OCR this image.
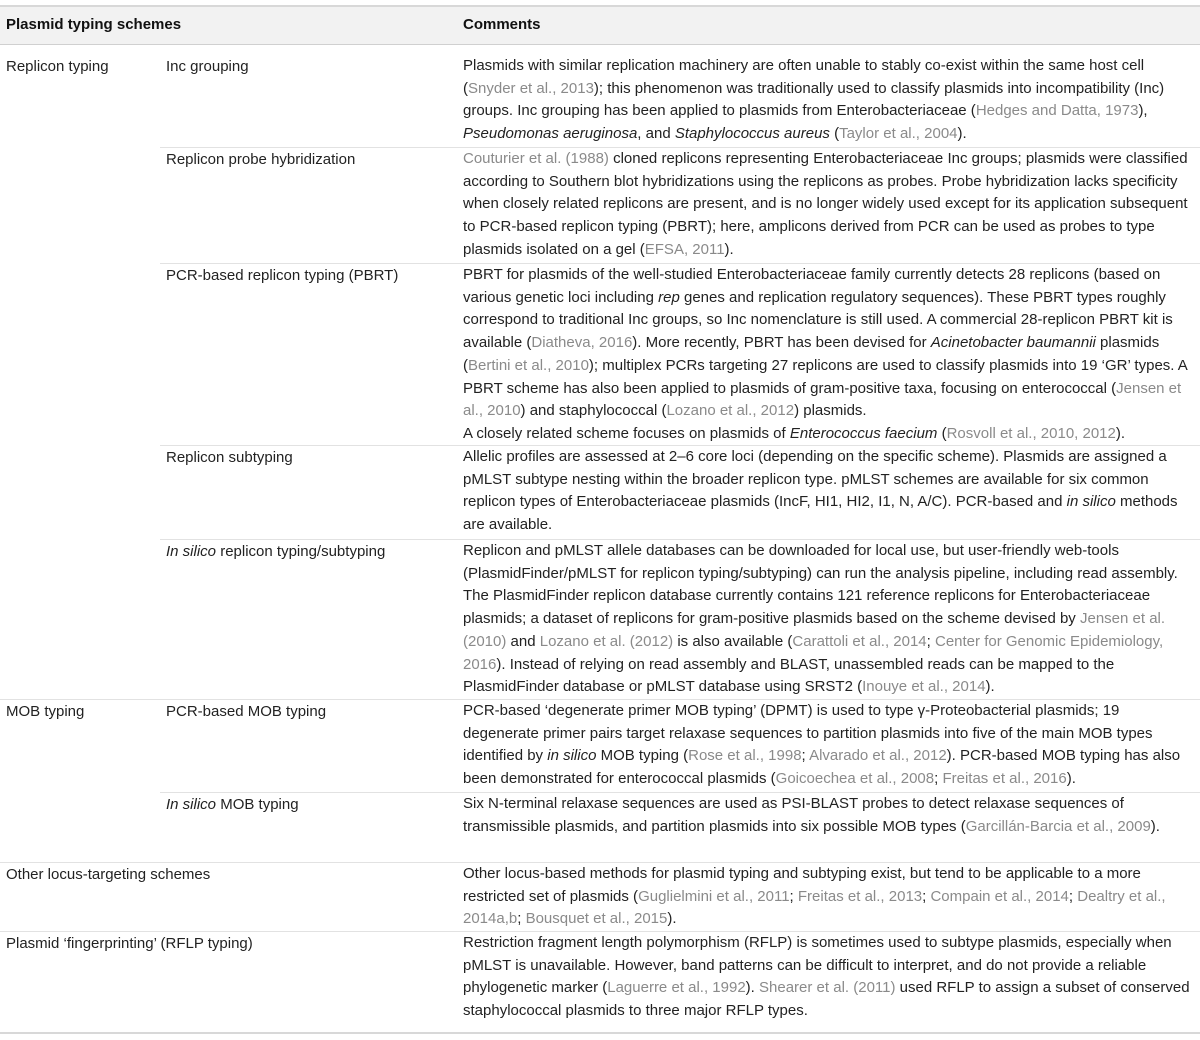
Plasmid typing schemes	Comments
Replicon typing	Inc grouping	Plasmids with similar replication machinery are often unable to stably co-exist within the same host cell (Snyder et al., 2013); this phenomenon was traditionally used to classify plasmids into incompatibility (Inc) groups. Inc grouping has been applied to plasmids from Enterobacteriaceae (Hedges and Datta, 1973), Pseudomonas aeruginosa, and Staphylococcus aureus (Taylor et al., 2004).
Replicon probe hybridization	Couturier et al. (1988) cloned replicons representing Enterobacteriaceae Inc groups; plasmids were classified according to Southern blot hybridizations using the replicons as probes. Probe hybridization lacks specificity when closely related replicons are present, and is no longer widely used except for its application subsequent to PCR-based replicon typing (PBRT); here, amplicons derived from PCR can be used as probes to type plasmids isolated on a gel (EFSA, 2011).
PCR-based replicon typing (PBRT)	PBRT for plasmids of the well-studied Enterobacteriaceae family currently detects 28 replicons (based on various genetic loci including rep genes and replication regulatory sequences). These PBRT types roughly correspond to traditional Inc groups, so Inc nomenclature is still used. A commercial 28-replicon PBRT kit is available (Diatheva, 2016). More recently, PBRT has been devised for Acinetobacter baumannii plasmids (Bertini et al., 2010); multiplex PCRs targeting 27 replicons are used to classify plasmids into 19 ‘GR’ types. A PBRT scheme has also been applied to plasmids of gram-positive taxa, focusing on enterococcal (Jensen et al., 2010) and staphylococcal (Lozano et al., 2012) plasmids.
A closely related scheme focuses on plasmids of Enterococcus faecium (Rosvoll et al., 2010, 2012).
Replicon subtyping	Allelic profiles are assessed at 2–6 core loci (depending on the specific scheme). Plasmids are assigned a pMLST subtype nesting within the broader replicon type. pMLST schemes are available for six common replicon types of Enterobacteriaceae plasmids (IncF, HI1, HI2, I1, N, A/C). PCR-based and in silico methods are available.
In silico replicon typing/subtyping	Replicon and pMLST allele databases can be downloaded for local use, but user-friendly web-tools (PlasmidFinder/pMLST for replicon typing/subtyping) can run the analysis pipeline, including read assembly. The PlasmidFinder replicon database currently contains 121 reference replicons for Enterobacteriaceae plasmids; a dataset of replicons for gram-positive plasmids based on the scheme devised by Jensen et al. (2010) and Lozano et al. (2012) is also available (Carattoli et al., 2014; Center for Genomic Epidemiology, 2016). Instead of relying on read assembly and BLAST, unassembled reads can be mapped to the PlasmidFinder database or pMLST database using SRST2 (Inouye et al., 2014).
MOB typing	PCR-based MOB typing	PCR-based ‘degenerate primer MOB typing’ (DPMT) is used to type γ-Proteobacterial plasmids; 19 degenerate primer pairs target relaxase sequences to partition plasmids into five of the main MOB types identified by in silico MOB typing (Rose et al., 1998; Alvarado et al., 2012). PCR-based MOB typing has also been demonstrated for enterococcal plasmids (Goicoechea et al., 2008; Freitas et al., 2016).
In silico MOB typing	Six N-terminal relaxase sequences are used as PSI-BLAST probes to detect relaxase sequences of transmissible plasmids, and partition plasmids into six possible MOB types (Garcillán-Barcia et al., 2009).
Other locus-targeting schemes	Other locus-based methods for plasmid typing and subtyping exist, but tend to be applicable to a more restricted set of plasmids (Guglielmini et al., 2011; Freitas et al., 2013; Compain et al., 2014; Dealtry et al., 2014a,b; Bousquet et al., 2015).
Plasmid ‘fingerprinting’ (RFLP typing)	Restriction fragment length polymorphism (RFLP) is sometimes used to subtype plasmids, especially when pMLST is unavailable. However, band patterns can be difficult to interpret, and do not provide a reliable phylogenetic marker (Laguerre et al., 1992). Shearer et al. (2011) used RFLP to assign a subset of conserved staphylococcal plasmids to three major RFLP types.
